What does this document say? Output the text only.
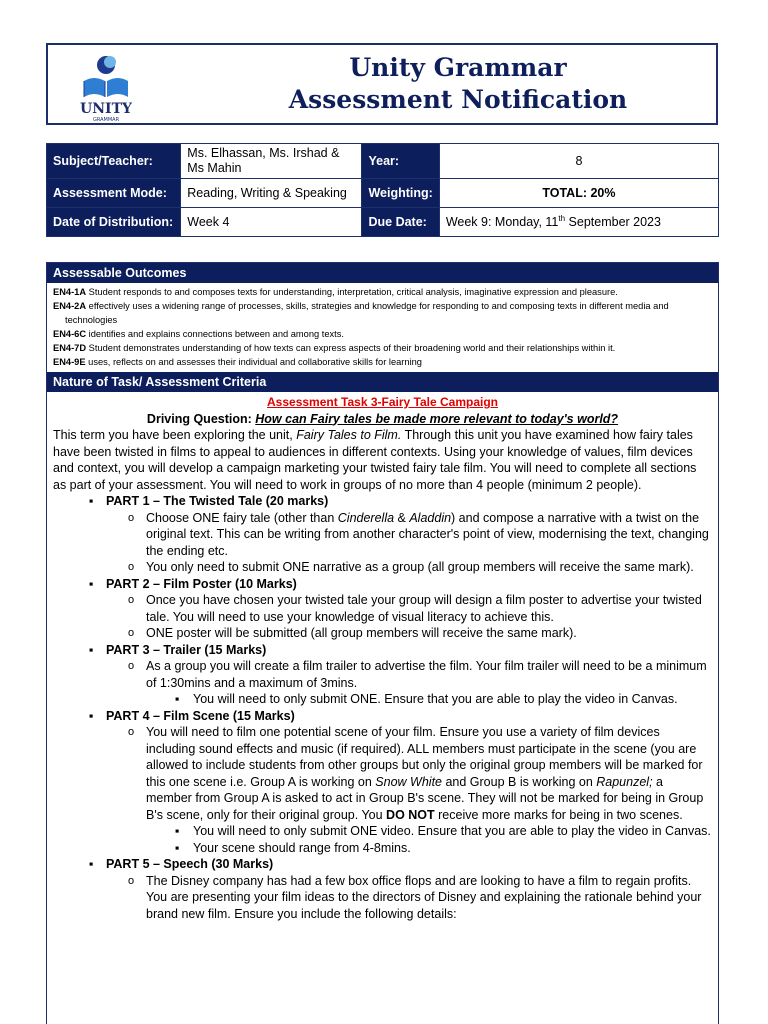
UNITY
GRAMMAR
Unity Grammar
Assessment Notification
Subject/Teacher:	Ms. Elhassan, Ms. Irshad & Ms Mahin	Year:	8
Assessment Mode:	Reading, Writing & Speaking	Weighting:	TOTAL: 20%
Date of Distribution:	Week 4	Due Date:	Week 9: Monday, 11th September 2023
Assessable Outcomes
EN4-1A Student responds to and composes texts for understanding, interpretation, critical analysis, imaginative expression and pleasure.
EN4-2A effectively uses a widening range of processes, skills, strategies and knowledge for responding to and composing texts in different media and technologies
EN4-6C identifies and explains connections between and among texts.
EN4-7D Student demonstrates understanding of how texts can express aspects of their broadening world and their relationships within it.
EN4-9E uses, reflects on and assesses their individual and collaborative skills for learning
Nature of Task/ Assessment Criteria
Assessment Task 3-Fairy Tale Campaign
Driving Question: How can Fairy tales be made more relevant to today's world?
This term you have been exploring the unit, Fairy Tales to Film. Through this unit you have examined how fairy tales have been twisted in films to appeal to audiences in different contexts. Using your knowledge of values, film devices and context, you will develop a campaign marketing your twisted fairy tale film. You will need to complete all sections as part of your assessment. You will need to work in groups of no more than 4 people (minimum 2 people).
▪ PART 1 – The Twisted Tale (20 marks)
o Choose ONE fairy tale (other than Cinderella & Aladdin) and compose a narrative with a twist on the original text. This can be writing from another character's point of view, modernising the text, changing the ending etc.
o You only need to submit ONE narrative as a group (all group members will receive the same mark).
▪ PART 2 – Film Poster (10 Marks)
o Once you have chosen your twisted tale your group will design a film poster to advertise your twisted tale. You will need to use your knowledge of visual literacy to achieve this.
o ONE poster will be submitted (all group members will receive the same mark).
▪ PART 3 – Trailer (15 Marks)
o As a group you will create a film trailer to advertise the film. Your film trailer will need to be a minimum of 1:30mins and a maximum of 3mins.
▪ You will need to only submit ONE. Ensure that you are able to play the video in Canvas.
▪ PART 4 – Film Scene (15 Marks)
o You will need to film one potential scene of your film. Ensure you use a variety of film devices including sound effects and music (if required). ALL members must participate in the scene (you are allowed to include students from other groups but only the original group members will be marked for this one scene i.e. Group A is working on Snow White and Group B is working on Rapunzel; a member from Group A is asked to act in Group B's scene. They will not be marked for being in Group B's scene, only for their original group. You DO NOT receive more marks for being in two scenes.
▪ You will need to only submit ONE video. Ensure that you are able to play the video in Canvas.
▪ Your scene should range from 4-8mins.
▪ PART 5 – Speech (30 Marks)
o The Disney company has had a few box office flops and are looking to have a film to regain profits. You are presenting your film ideas to the directors of Disney and explaining the rationale behind your brand new film. Ensure you include the following details:
